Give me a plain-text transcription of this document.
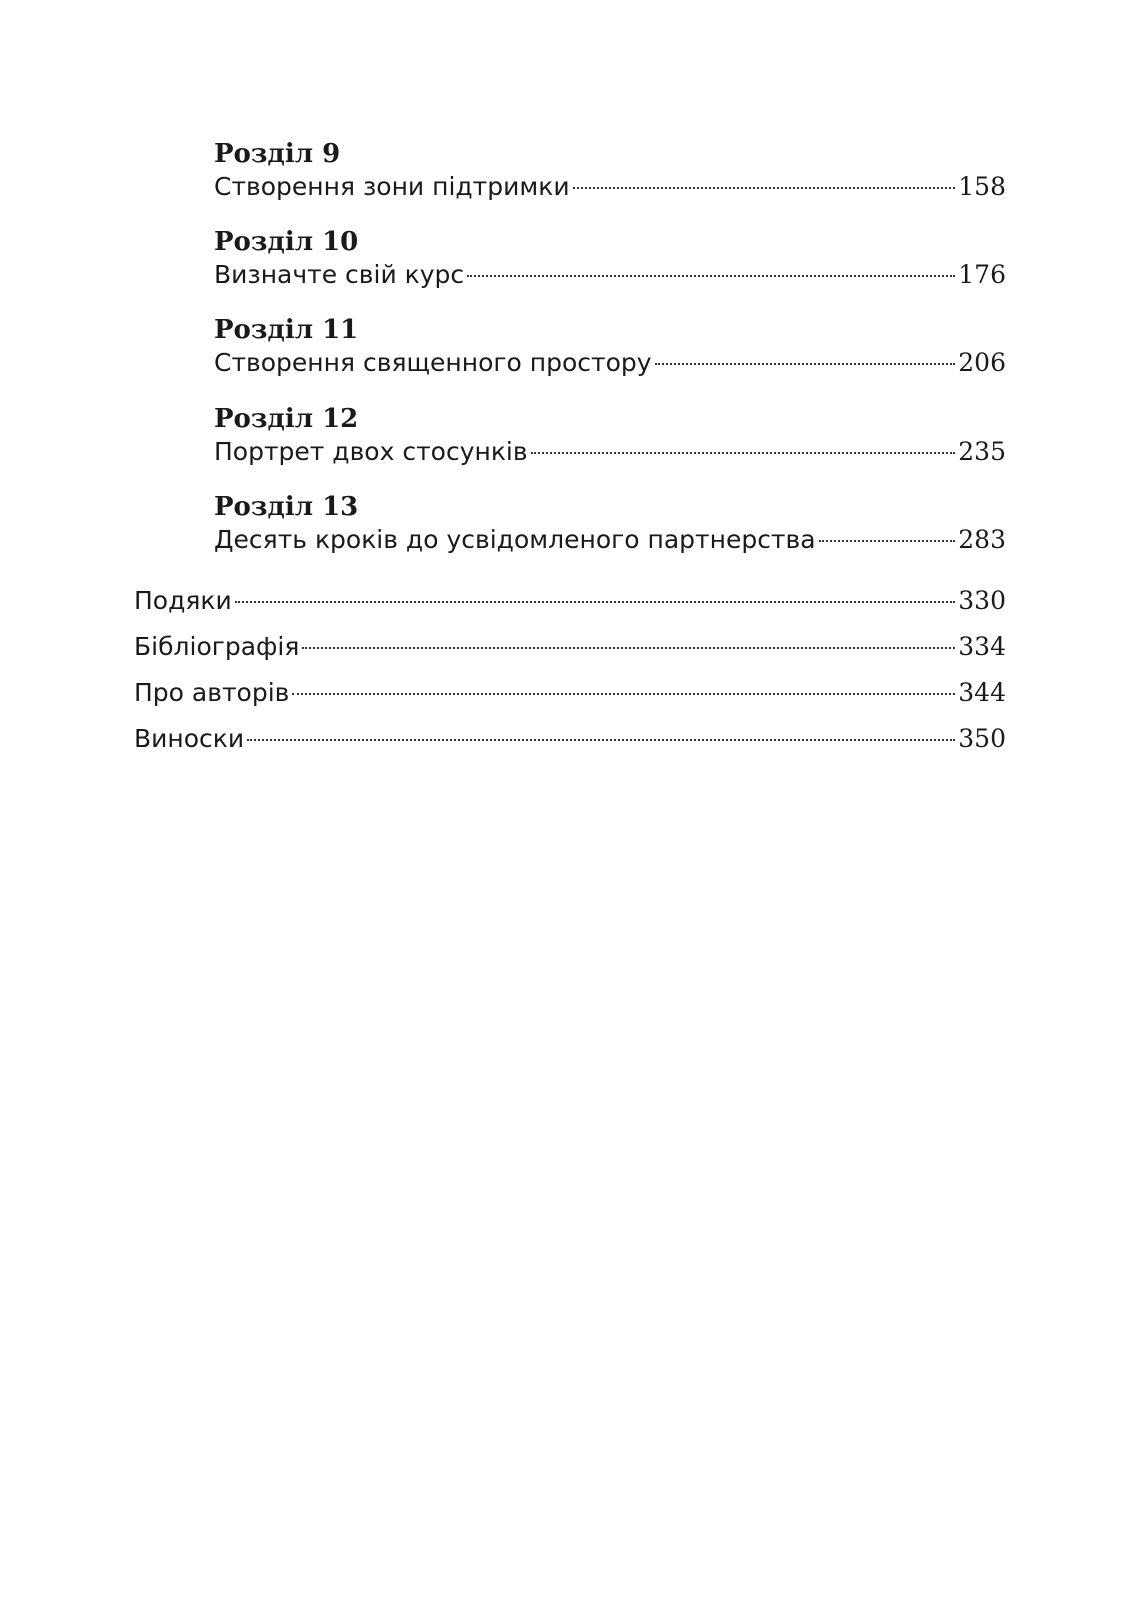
Розділ 9
Створення зони підтримки	158
Розділ 10
Визначте свій курс	176
Розділ 11
Створення священного простору	206
Розділ 12
Портрет двох стосунків	235
Розділ 13
Десять кроків до усвідомленого партнерства	283
Подяки	330
Бібліографія	334
Про авторів	344
Виноски	350
